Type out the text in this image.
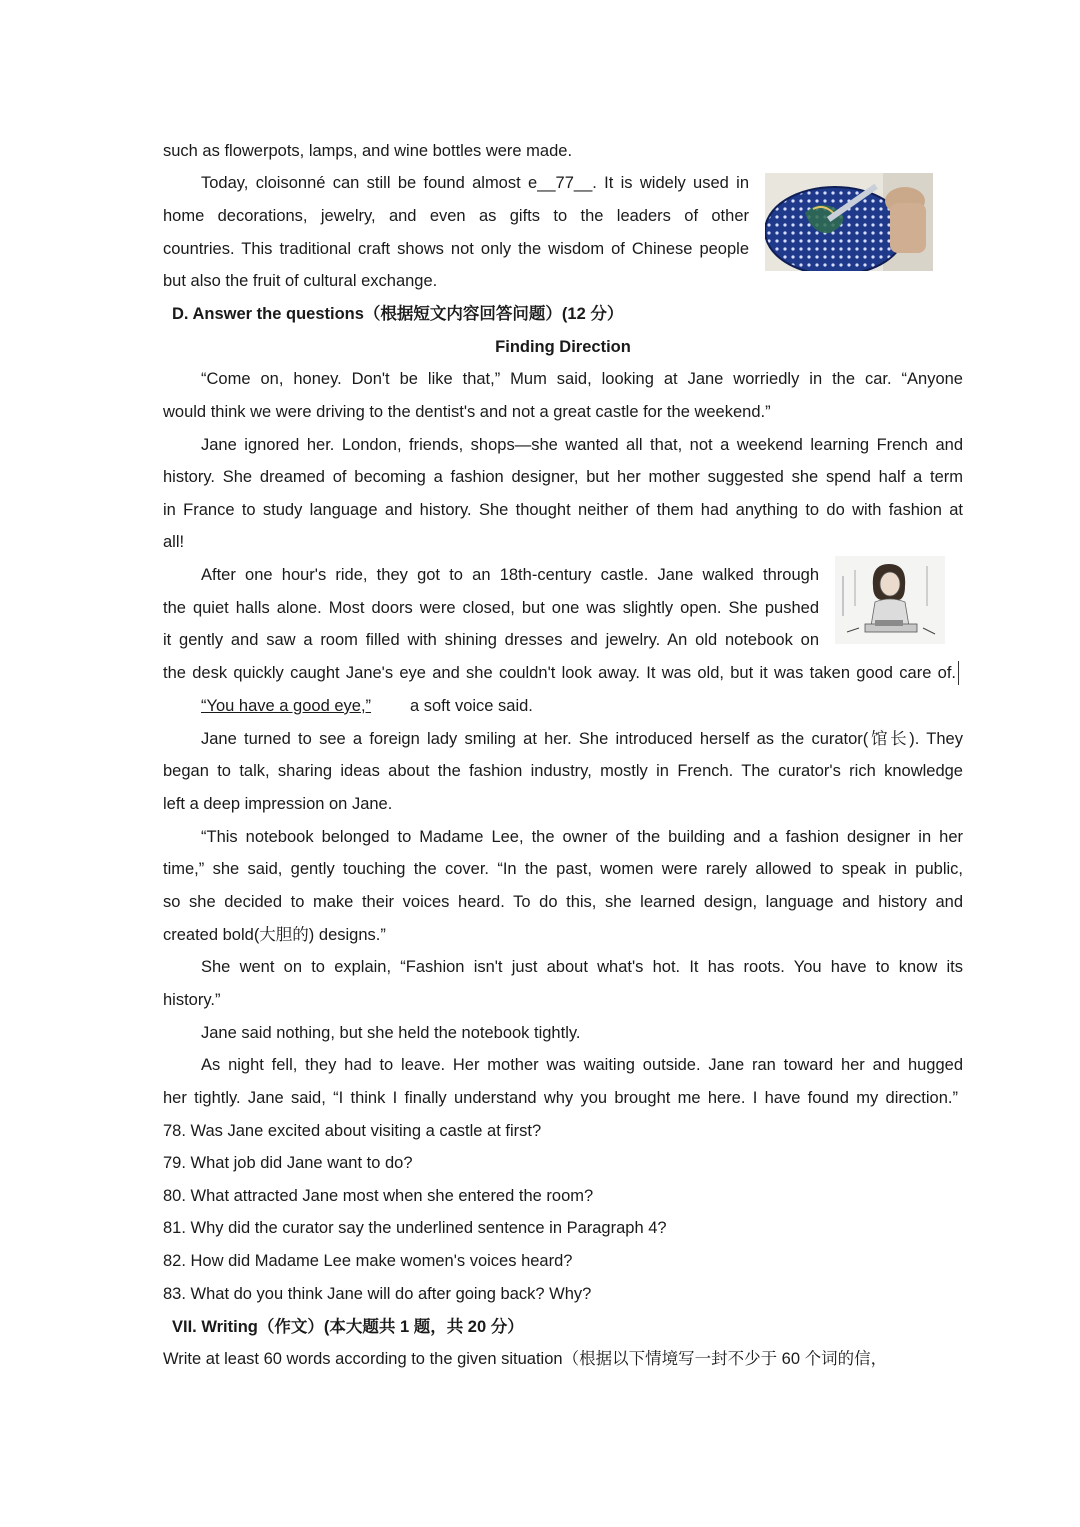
such as flowerpots, lamps, and wine bottles were made.
Today, cloisonné can still be found almost e__77__. It is widely used in
home decorations, jewelry, and even as gifts to the leaders of other
countries. This traditional craft shows not only the wisdom of Chinese people
but also the fruit of cultural exchange.
D. Answer the questions（根据短文内容回答问题）(12 分）
Finding Direction
“Come on, honey. Don't be like that,” Mum said, looking at Jane worriedly in the car. “Anyone
would think we were driving to the dentist's and not a great castle for the weekend.”
Jane ignored her. London, friends, shops—she wanted all that, not a weekend learning French and
history. She dreamed of becoming a fashion designer, but her mother suggested she spend half a term
in France to study language and history. She thought neither of them had anything to do with fashion at
all!
After one hour's ride, they got to an 18th-century castle. Jane walked through
the quiet halls alone. Most doors were closed, but one was slightly open. She pushed
it gently and saw a room filled with shining dresses and jewelry. An old notebook on
the desk quickly caught Jane's eye and she couldn't look away. It was old, but it was taken good care of.
“You have a good eye,” a soft voice said.
Jane turned to see a foreign lady smiling at her. She introduced herself as the curator(馆长). They
began to talk, sharing ideas about the fashion industry, mostly in French. The curator's rich knowledge
left a deep impression on Jane.
“This notebook belonged to Madame Lee, the owner of the building and a fashion designer in her
time,” she said, gently touching the cover. “In the past, women were rarely allowed to speak in public,
so she decided to make their voices heard. To do this, she learned design, language and history and
created bold(大胆的) designs.”
She went on to explain, “Fashion isn't just about what's hot. It has roots. You have to know its
history.”
Jane said nothing, but she held the notebook tightly.
As night fell, they had to leave. Her mother was waiting outside. Jane ran toward her and hugged
her tightly. Jane said, “I think I finally understand why you brought me here. I have found my direction.”
78. Was Jane excited about visiting a castle at first?
79. What job did Jane want to do?
80. What attracted Jane most when she entered the room?
81. Why did the curator say the underlined sentence in Paragraph 4?
82. How did Madame Lee make women's voices heard?
83. What do you think Jane will do after going back? Why?
VII. Writing（作文）(本大题共 1 题，共 20 分）
Write at least 60 words according to the given situation（根据以下情境写一封不少于 60 个词的信，
